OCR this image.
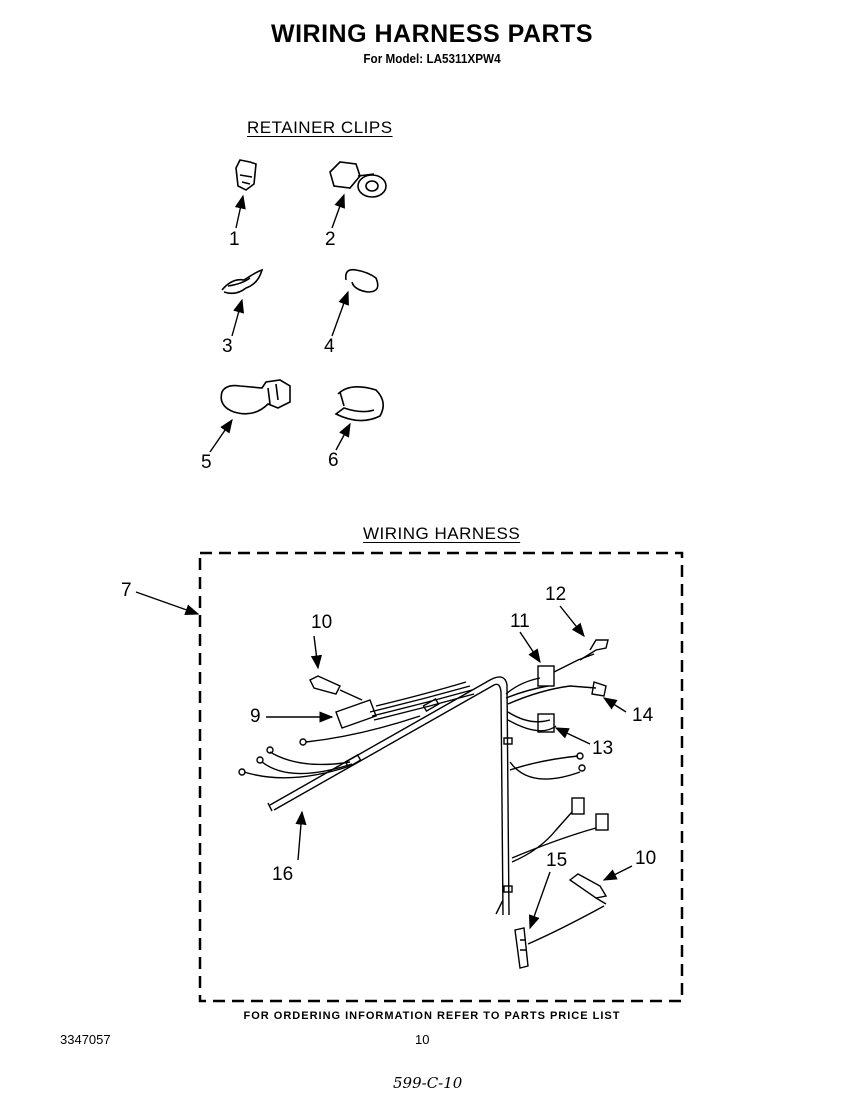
WIRING HARNESS PARTS
For Model: LA5311XPW4
RETAINER CLIPS
WIRING HARNESS
1	2
3	4
5	6
7
9
10
10
11
12
13
14
15
16
FOR ORDERING INFORMATION REFER TO PARTS PRICE LIST
3347057	10
599-C-10
